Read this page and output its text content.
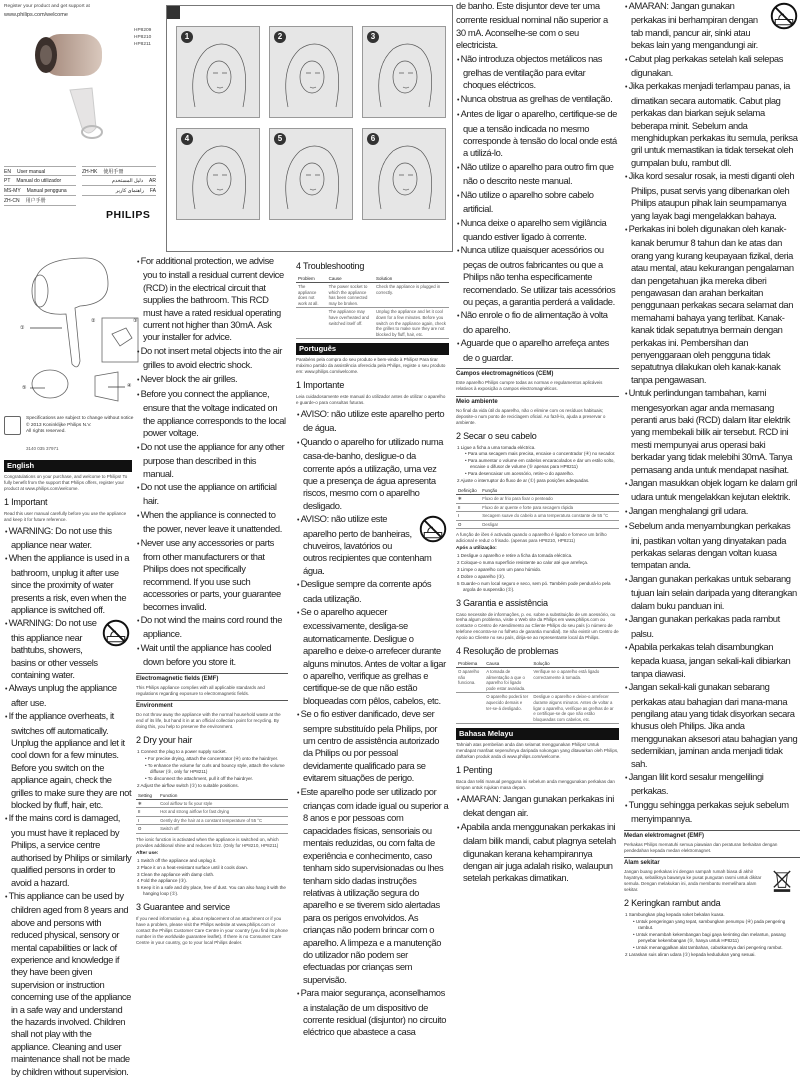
Register your product and get support at
www.philips.com/welcome
HP8209
HP8210
HP8211
EN User manual
PT Manual do utilizador
MS-MY Manual pengguna
ZH-CN 用户手册
ZH-HK 使用手冊
دليل المستخدم AR
راهنمای کاربر FA
PHILIPS
①
②	③
④
⑤
Specifications are subject to change without notice
© 2013 Koninklijke Philips N.V.
All rights reserved.
3140 035 37971
1	2	3
4	5	6
English
Congratulations on your purchase, and welcome to Philips! To fully benefit from the support that Philips offers, register your product at www.philips.com/welcome.
1 Important
Read this user manual carefully before you use the appliance and keep it for future reference.
• WARNING: Do not use this appliance near water.
• When the appliance is used in a bathroom, unplug it after use since the proximity of water presents a risk, even when the appliance is switched off.
• WARNING: Do not use this appliance near bathtubs, showers, basins or other vessels containing water.
• Always unplug the appliance after use.
• If the appliance overheats, it switches off automatically. Unplug the appliance and let it cool down for a few minutes. Before you switch on the appliance again, check the grilles to make sure they are not blocked by fluff, hair, etc.
• If the mains cord is damaged, you must have it replaced by Philips, a service centre authorised by Philips or similarly qualified persons in order to avoid a hazard.
• This appliance can be used by children aged from 8 years and above and persons with reduced physical, sensory or mental capabilities or lack of experience and knowledge if they have been given supervision or instruction concerning use of the appliance in a safe way and understand the hazards involved. Children shall not play with the appliance. Cleaning and user maintenance shall not be made by children without supervision.
• For additional protection, we advise you to install a residual current device (RCD) in the electrical circuit that supplies the bathroom. This RCD must have a rated residual operating current not higher than 30mA. Ask your installer for advice.
• Do not insert metal objects into the air grilles to avoid electric shock.
• Never block the air grilles.
• Before you connect the appliance, ensure that the voltage indicated on the appliance corresponds to the local power voltage.
• Do not use the appliance for any other purpose than described in this manual.
• Do not use the appliance on artificial hair.
• When the appliance is connected to the power, never leave it unattended.
• Never use any accessories or parts from other manufacturers or that Philips does not specifically recommend. If you use such accessories or parts, your guarantee becomes invalid.
• Do not wind the mains cord round the appliance.
• Wait until the appliance has cooled down before you store it.
Electromagnetic fields (EMF)
This Philips appliance complies with all applicable standards and regulations regarding exposure to electromagnetic fields.
Environment
Do not throw away the appliance with the normal household waste at the end of its life, but hand it in at an official collection point for recycling. By doing this, you help to preserve the environment.
2 Dry your hair
1 Connect the plug to a power supply socket.
• For precise drying, attach the concentrator (④) onto the hairdryer.
• To enhance the volume for curls and bouncy style, attach the volume diffuser (⑤, only for HP8211)
• To disconnect the attachment, pull it off the hairdryer.
2 Adjust the airflow switch (①) to suitable positions.
Setting	Function
❄	Cool airflow to fix your style
II	Hot and strong airflow for fast drying
I	Gently dry the hair at a constant temperature of 55 °C
O	Switch off
The ionic function is activated when the appliance is switched on, which provides additional shine and reduces frizz. (Only for HP8210, HP8211)
After use:
1 Switch off the appliance and unplug it.
2 Place it on a heat-resistant surface until it cools down.
3 Clean the appliance with damp cloth.
4 Fold the appliance (③).
5 Keep it in a safe and dry place, free of dust. You can also hang it with the hanging loop (②).
3 Guarantee and service
If you need information e.g. about replacement of an attachment or if you have a problem, please visit the Philips website at www.philips.com or contact the Philips Customer Care Centre in your country (you find its phone number in the worldwide guarantee leaflet). If there is no Consumer Care Centre in your country, go to your local Philips dealer.
4 Troubleshooting
Problem	Cause	Solution
The appliance does not work at all.	The power socket to which the appliance has been connected may be broken.	Check the appliance is plugged in correctly.
	The appliance may have overheated and switched itself off.	Unplug the appliance and let it cool down for a few minutes. Before you switch on the appliance again, check the grilles to make sure they are not blocked by fluff, hair, etc.
Português
Parabéns pela compra do seu produto e bem-vindo à Philips! Para tirar máximo partido da assistência oferecida pela Philips, registe o seu produto em: www.philips.com/welcome.
1 Importante
Leia cuidadosamente este manual do utilizador antes de utilizar o aparelho e guarde-o para consultas futuras.
• AVISO: não utilize este aparelho perto de água.
• Quando o aparelho for utilizado numa casa-de-banho, desligue-o da corrente após a utilização, uma vez que a presença de água apresenta riscos, mesmo com o aparelho desligado.
• AVISO: não utilize este aparelho perto de banheiras, chuveiros, lavatórios ou outros recipientes que contenham água.
• Desligue sempre da corrente após cada utilização.
• Se o aparelho aquecer excessivamente, desliga-se automaticamente. Desligue o aparelho e deixe-o arrefecer durante alguns minutos. Antes de voltar a ligar o aparelho, verifique as grelhas e certifique-se de que não estão bloqueadas com pêlos, cabelos, etc.
• Se o fio estiver danificado, deve ser sempre substituído pela Philips, por um centro de assistência autorizado da Philips ou por pessoal devidamente qualificado para se evitarem situações de perigo.
• Este aparelho pode ser utilizado por crianças com idade igual ou superior a 8 anos e por pessoas com capacidades físicas, sensoriais ou mentais reduzidas, ou com falta de experiência e conhecimento, caso tenham sido supervisionadas ou lhes tenham sido dadas instruções relativas à utilização segura do aparelho e se tiverem sido alertadas para os perigos envolvidos. As crianças não podem brincar com o aparelho. A limpeza e a manutenção do utilizador não podem ser efectuadas por crianças sem supervisão.
• Para maior segurança, aconselhamos a instalação de um dispositivo de corrente residual (disjuntor) no circuito eléctrico que abastece a casa
de banho. Este disjuntor deve ter uma corrente residual nominal não superior a 30 mA. Aconselhe-se com o seu electricista.
• Não introduza objectos metálicos nas grelhas de ventilação para evitar choques eléctricos.
• Nunca obstrua as grelhas de ventilação.
• Antes de ligar o aparelho, certifique-se de que a tensão indicada no mesmo corresponde à tensão do local onde está a utilizá-lo.
• Não utilize o aparelho para outro fim que não o descrito neste manual.
• Não utilize o aparelho sobre cabelo artificial.
• Nunca deixe o aparelho sem vigilância quando estiver ligado à corrente.
• Nunca utilize quaisquer acessórios ou peças de outros fabricantes ou que a Philips não tenha especificamente recomendado. Se utilizar tais acessórios ou peças, a garantia perderá a validade.
• Não enrole o fio de alimentação à volta do aparelho.
• Aguarde que o aparelho arrefeça antes de o guardar.
Campos electromagnéticos (CEM)
Este aparelho Philips cumpre todas as normas e regulamentos aplicáveis relativos à exposição a campos electromagnéticos.
Meio ambiente
No final da vida útil do aparelho, não o elimine com os resíduos habituais; deposite-o num ponto de reciclagem oficial. Ao fazê-lo, ajuda a preservar o ambiente.
2 Secar o seu cabelo
1 Ligue a ficha a uma tomada eléctrica.
• Para uma secagem mais precisa, encaixe o concentrador (④) no secador.
• Para aumentar o volume em cabelos encaracolados e dar um estilo solto, encaixe o difusor de volume (⑤ apenas para HP8211)
• Para desencaixar um acessório, retire-o do aparelho.
2 Ajuste o interruptor do fluxo de ar (①) para posições adequadas.
Definição	Função
❄	Fluxo de ar frio para fixar o penteado
II	Fluxo de ar quente e forte para secagem rápida
I	Secagem suave do cabelo a uma temperatura constante de 55 °C
O	Desligar
A função de iões é activada quando o aparelho é ligado e fornece um brilho adicional e reduz o frisado. (apenas para HP8210, HP8211)
Após a utilização:
1 Desligue o aparelho e retire a ficha da tomada eléctrica.
2 Coloque-o numa superfície resistente ao calor até que arrefeça.
3 Limpe o aparelho com um pano húmido.
4 Dobre o aparelho (③).
5 Guarde-o num local seguro e seco, sem pó. Também pode pendurá-lo pela argola de suspensão (②).
3 Garantia e assistência
Caso necessite de informações, p. ex. sobre a substituição de um acessório, ou tenha algum problema, visite o Web site da Philips em www.philips.com ou contacte o Centro de Atendimento ao Cliente Philips do seu país (o número de telefone encontra-se no folheto de garantia mundial). Se não existir um Centro de Apoio ao Cliente no seu país, dirija-se ao representante local da Philips.
4 Resolução de problemas
Problema	Causa	Solução
O aparelho não funciona.	A tomada de alimentação a que o aparelho foi ligado pode estar avariada.	Verifique se o aparelho está ligado correctamente à tomada.
	O aparelho poderá ter aquecido demais e ter-se-á desligado.	Desligue o aparelho e deixe-o arrefecer durante alguns minutos. Antes de voltar a ligar o aparelho, verifique as grelhas de ar e certifique-se de que não estão bloqueadas com cabelos, etc.
Bahasa Melayu
Tahniah atas pembelian anda dan selamat menggunakan Philips! Untuk mendapat manfaat sepenuhnya daripada sokongan yang ditawarkan oleh Philips, daftarkan produk anda di www.philips.com/welcome.
1 Penting
Baca dan teliti manual pengguna ini sebelum anda menggunakan perkakas dan simpan untuk rujukan masa depan.
• AMARAN: Jangan gunakan perkakas ini dekat dengan air.
• Apabila anda menggunakan perkakas ini dalam bilik mandi, cabut plagnya setelah digunakan kerana kehampirannya dengan air juga adalah risiko, walaupun setelah perkakas dimatikan.
• AMARAN: Jangan gunakan perkakas ini berhampiran dengan tab mandi, pancur air, sinki atau bekas lain yang mengandungi air.
• Cabut plag perkakas setelah kali selepas digunakan.
• Jika perkakas menjadi terlampau panas, ia dimatikan secara automatik. Cabut plag perkakas dan biarkan sejuk selama beberapa minit. Sebelum anda menghidupkan perkakas itu semula, periksa gril untuk memastikan ia tidak tersekat oleh gumpalan bulu, rambut dll.
• Jika kord sesalur rosak, ia mesti diganti oleh Philips, pusat servis yang dibenarkan oleh Philips ataupun pihak lain seumpamanya yang layak bagi mengelakkan bahaya.
• Perkakas ini boleh digunakan oleh kanak-kanak berumur 8 tahun dan ke atas dan orang yang kurang keupayaan fizikal, deria atau mental, atau kekurangan pengalaman dan pengetahuan jika mereka diberi pengawasan dan arahan berkaitan penggunaan perkakas secara selamat dan memahami bahaya yang terlibat. Kanak-kanak tidak sepatutnya bermain dengan perkakas ini. Pembersihan dan penyenggaraan oleh pengguna tidak sepatutnya dilakukan oleh kanak-kanak tanpa pengawasan.
• Untuk perlindungan tambahan, kami mengesyorkan agar anda memasang peranti arus baki (RCD) dalam litar elektrik yang membekali bilik air tersebut. RCD ini mesti mempunyai arus operasi baki berkadar yang tidak melebihi 30mA. Tanya pemasang anda untuk mendapat nasihat.
• Jangan masukkan objek logam ke dalam gril udara untuk mengelakkan kejutan elektrik.
• Jangan menghalangi gril udara.
• Sebelum anda menyambungkan perkakas ini, pastikan voltan yang dinyatakan pada perkakas selaras dengan voltan kuasa tempatan anda.
• Jangan gunakan perkakas untuk sebarang tujuan lain selain daripada yang diterangkan dalam buku panduan ini.
• Jangan gunakan perkakas pada rambut palsu.
• Apabila perkakas telah disambungkan kepada kuasa, jangan sekali-kali dibiarkan tanpa diawasi.
• Jangan sekali-kali gunakan sebarang perkakas atau bahagian dari mana-mana pengilang atau yang tidak disyorkan secara khusus oleh Philips. Jika anda menggunakan aksesori atau bahagian yang sedemikian, jaminan anda menjadi tidak sah.
• Jangan lilit kord sesalur mengelilingi perkakas.
• Tunggu sehingga perkakas sejuk sebelum menyimpannya.
Medan elektromagnet (EMF)
Perkakas Philips mematuhi semua piawaian dan peraturan berkaitan dengan pendedahan kepada medan elektromagnet.
Alam sekitar
Jangan buang perkakas ini dengan sampah rumah biasa di akhir hayatnya, sebaliknya bawanya ke pusat pungutan rasmi untuk dikitar semula. Dengan melakukan ini, anda membantu memelihara alam sekitar.
2 Keringkan rambut anda
1 Sambungkan plag kepada soket bekalan kuasa.
• Untuk pengeringan yang tepat, sambungkan penumpu (④) pada pengering rambut.
• Untuk menambah kekembangan bagi gaya kerinting dan melantun, pasang penyebar kekembangan (⑤, hanya untuk HP8211)
• Untuk menanggalkan alat tambahan, cabutkannya dari pengering rambut.
2 Laraskan suis aliran udara (①) kepada kedudukan yang sesuai.
